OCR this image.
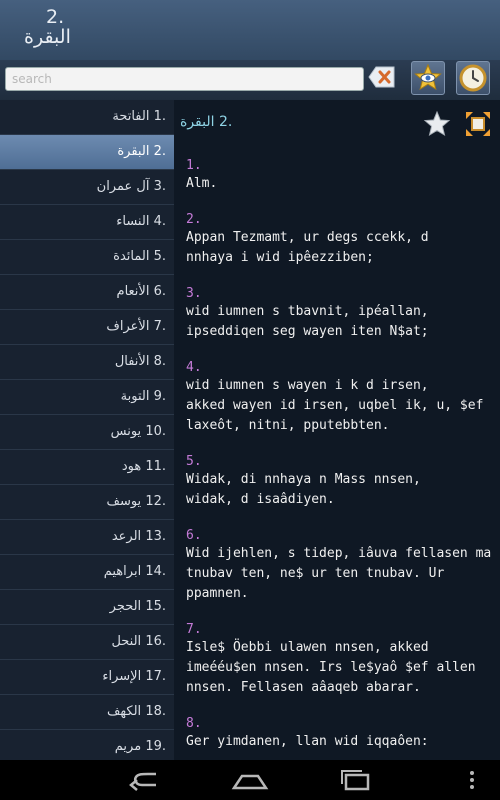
2.
البقرة
search
.1 الفاتحة
.2 البقرة
.3 آل عمران
.4 النساء
.5 المائدة
.6 الأنعام
.7 الأعراف
.8 الأنفال
.9 التوبة
.10 يونس
.11 هود
.12 يوسف
.13 الرعد
.14 ابراهيم
.15 الحجر
.16 النحل
.17 الإسراء
.18 الكهف
.19 مريم
.2 البقرة
1.
Alm.
2.
Appan Tezmamt, ur degs ccekk, d
nnhaya i wid ipêezziben;
3.
wid iumnen s tbavnit, ipéallan,
ipseddiqen seg wayen iten N$at;
4.
wid iumnen s wayen i k d irsen,
akked wayen id irsen, uqbel ik, u, $ef
laxeôt, nitni, pputebbten.
5.
Widak, di nnhaya n Mass nnsen,
widak, d isaâdiyen.
6.
Wid ijehlen, s tidep, iâuva fellasen ma
tnubav ten, ne$ ur ten tnubav. Ur
ppamnen.
7.
Isle$ Öebbi ulawen nnsen, akked
imeééu$en nnsen. Irs le$yaô $ef allen
nnsen. Fellasen aâaqeb abarar.
8.
Ger yimdanen, llan wid iqqaôen:
